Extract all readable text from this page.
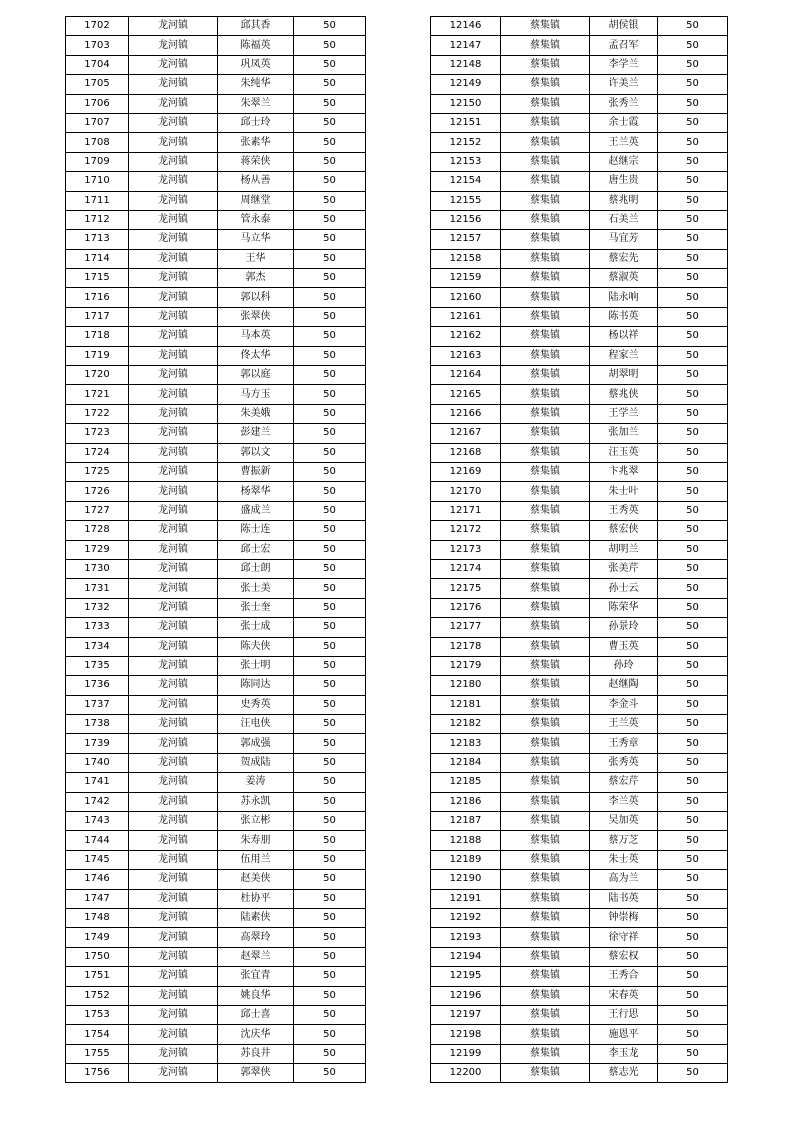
1702	龙河镇	邱其香	50
1703	龙河镇	陈福英	50
1704	龙河镇	巩凤英	50
1705	龙河镇	朱纯华	50
1706	龙河镇	朱翠兰	50
1707	龙河镇	邱士玲	50
1708	龙河镇	张素华	50
1709	龙河镇	蒋荣侠	50
1710	龙河镇	杨从善	50
1711	龙河镇	周继堂	50
1712	龙河镇	管永泰	50
1713	龙河镇	马立华	50
1714	龙河镇	王华	50
1715	龙河镇	郭杰	50
1716	龙河镇	郭以科	50
1717	龙河镇	张翠侠	50
1718	龙河镇	马本英	50
1719	龙河镇	佟太华	50
1720	龙河镇	郭以庭	50
1721	龙河镇	马方玉	50
1722	龙河镇	朱美娥	50
1723	龙河镇	彭建兰	50
1724	龙河镇	郭以文	50
1725	龙河镇	曹振新	50
1726	龙河镇	杨翠华	50
1727	龙河镇	盛成兰	50
1728	龙河镇	陈士连	50
1729	龙河镇	邱士宏	50
1730	龙河镇	邱士朗	50
1731	龙河镇	张士美	50
1732	龙河镇	张士奎	50
1733	龙河镇	张士成	50
1734	龙河镇	陈夫侠	50
1735	龙河镇	张士明	50
1736	龙河镇	陈同达	50
1737	龙河镇	史秀英	50
1738	龙河镇	汪电侠	50
1739	龙河镇	郭成强	50
1740	龙河镇	贺成陆	50
1741	龙河镇	姜涛	50
1742	龙河镇	苏永凯	50
1743	龙河镇	张立彬	50
1744	龙河镇	朱寿朋	50
1745	龙河镇	伍用兰	50
1746	龙河镇	赵美侠	50
1747	龙河镇	杜协平	50
1748	龙河镇	陆素侠	50
1749	龙河镇	高翠玲	50
1750	龙河镇	赵翠兰	50
1751	龙河镇	张宜青	50
1752	龙河镇	姚良华	50
1753	龙河镇	邱士喜	50
1754	龙河镇	沈庆华	50
1755	龙河镇	苏良井	50
1756	龙河镇	郭翠侠	50
12146	蔡集镇	胡侯银	50
12147	蔡集镇	孟召军	50
12148	蔡集镇	李学兰	50
12149	蔡集镇	许美兰	50
12150	蔡集镇	张秀兰	50
12151	蔡集镇	余士霞	50
12152	蔡集镇	王兰英	50
12153	蔡集镇	赵继宗	50
12154	蔡集镇	唐生贵	50
12155	蔡集镇	蔡兆明	50
12156	蔡集镇	石美兰	50
12157	蔡集镇	马宜芳	50
12158	蔡集镇	蔡宏先	50
12159	蔡集镇	蔡淑英	50
12160	蔡集镇	陆永响	50
12161	蔡集镇	陈书英	50
12162	蔡集镇	杨以祥	50
12163	蔡集镇	程家兰	50
12164	蔡集镇	胡翠明	50
12165	蔡集镇	蔡兆侠	50
12166	蔡集镇	王学兰	50
12167	蔡集镇	张加兰	50
12168	蔡集镇	汪玉英	50
12169	蔡集镇	卞兆翠	50
12170	蔡集镇	朱士叶	50
12171	蔡集镇	王秀英	50
12172	蔡集镇	蔡宏侠	50
12173	蔡集镇	胡明兰	50
12174	蔡集镇	张美芹	50
12175	蔡集镇	孙士云	50
12176	蔡集镇	陈荣华	50
12177	蔡集镇	孙景玲	50
12178	蔡集镇	曹玉英	50
12179	蔡集镇	孙玲	50
12180	蔡集镇	赵继陶	50
12181	蔡集镇	李金斗	50
12182	蔡集镇	王兰英	50
12183	蔡集镇	王秀章	50
12184	蔡集镇	张秀英	50
12185	蔡集镇	蔡宏芹	50
12186	蔡集镇	李兰英	50
12187	蔡集镇	吴加英	50
12188	蔡集镇	蔡万芝	50
12189	蔡集镇	朱士英	50
12190	蔡集镇	高为兰	50
12191	蔡集镇	陆书英	50
12192	蔡集镇	钟崇梅	50
12193	蔡集镇	徐守祥	50
12194	蔡集镇	蔡宏权	50
12195	蔡集镇	王秀合	50
12196	蔡集镇	宋春英	50
12197	蔡集镇	王行思	50
12198	蔡集镇	施恩平	50
12199	蔡集镇	李玉龙	50
12200	蔡集镇	蔡志光	50
